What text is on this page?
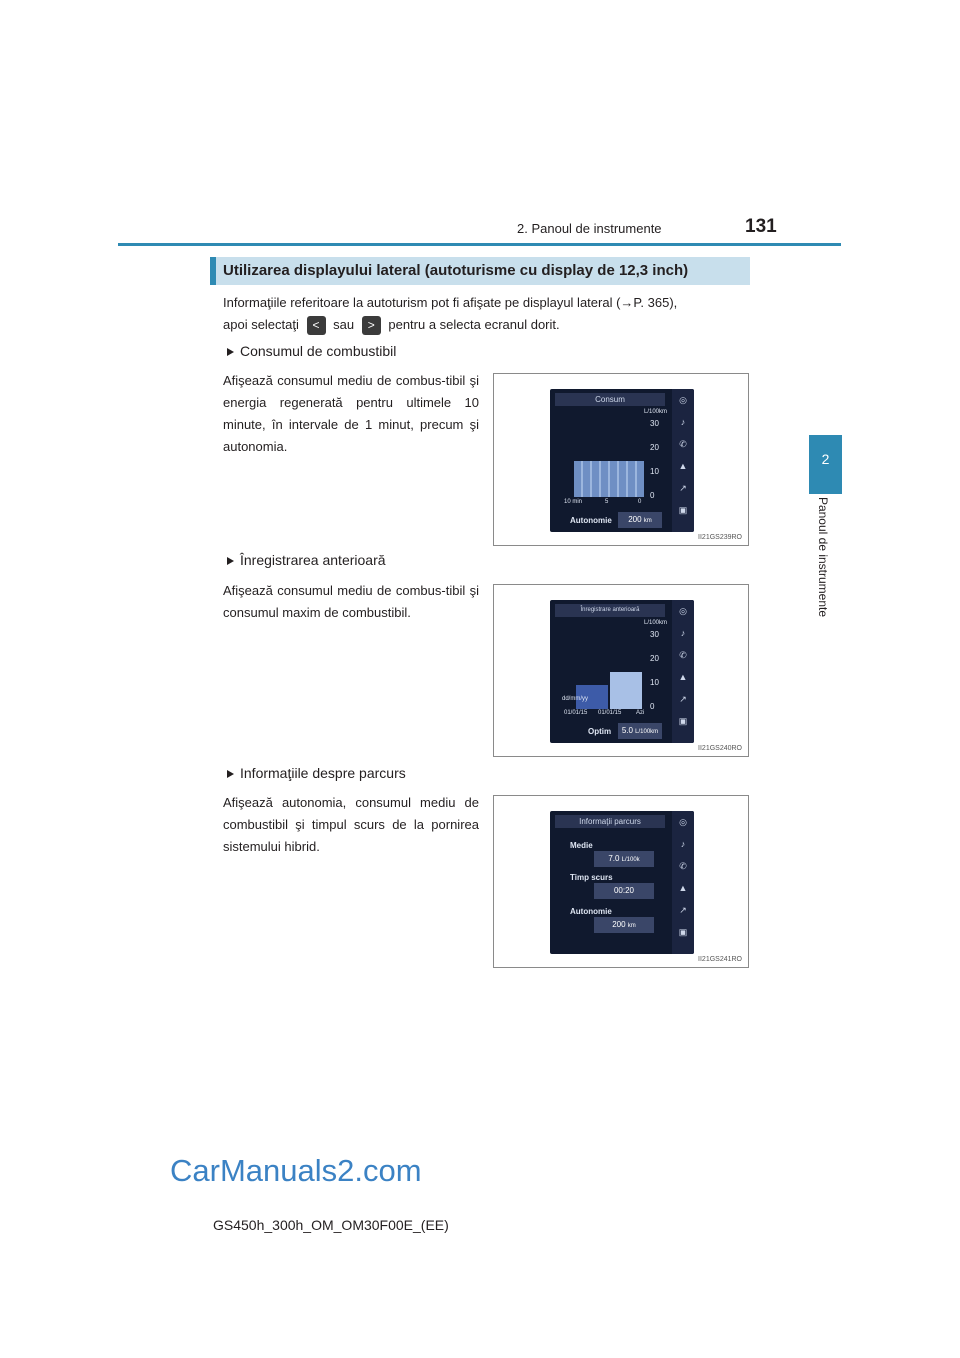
2. Panoul de instrumente	131
2
Panoul de instrumente
Utilizarea displayului lateral (autoturisme cu display de 12,3 inch)
Informaţiile referitoare la autoturism pot fi afişate pe displayul lateral (→P. 365),
apoi selectaţi < sau > pentru a selecta ecranul dorit.
Consumul de combustibil
Afişează consumul mediu de combus-tibil şi energia regenerată pentru ultimele 10 minute, în intervale de 1 minut, precum şi autonomia.
Consum
L/100km
30
20
10
0
10 min	5	0
Autonomie	200 km
◎
♪
✆
▲
↗
▣
II21GS239RO
Înregistrarea anterioară
Afişează consumul mediu de combus-tibil şi consumul maxim de combustibil.	Înregistrare anterioară
L/100km
30
20
10
0
dd/mm/yy
01/01/15 01/01/15 Azi
Optim	5.0 L/100km
◎
♪
✆
▲
↗
▣
II21GS240RO
Informaţiile despre parcurs
Afişează autonomia, consumul mediu de combustibil şi timpul scurs de la pornirea sistemului hibrid.
Informaţii parcurs
Medie
7.0 L/100k
Timp scurs
00:20
Autonomie
200 km
◎
♪
✆
▲
↗
▣
II21GS241RO
CarManuals2.com
GS450h_300h_OM_OM30F00E_(EE)
